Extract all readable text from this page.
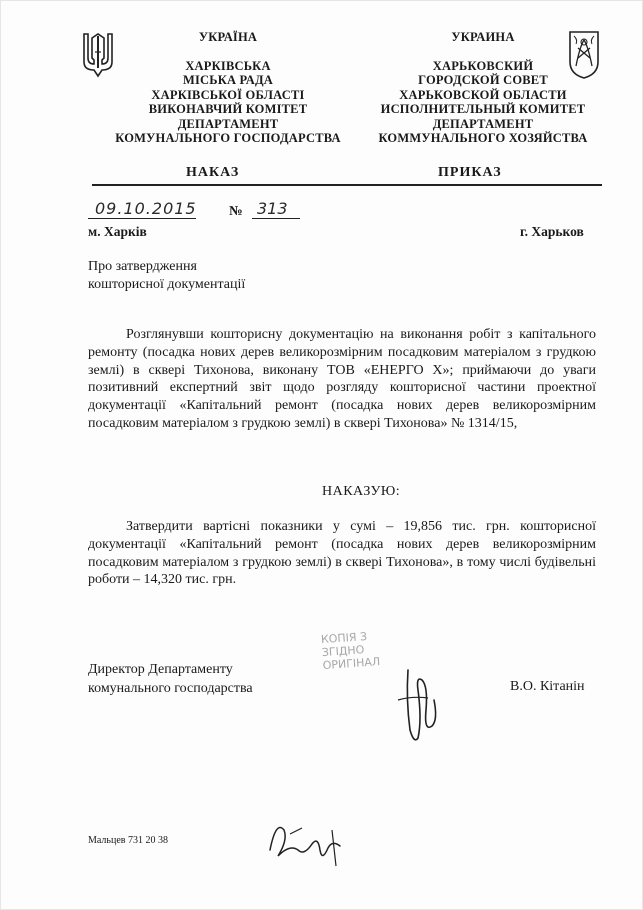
УКРАЇНА
ХАРКІВСЬКА
МІСЬКА РАДА
ХАРКІВСЬКОЇ ОБЛАСТІ
ВИКОНАВЧИЙ КОМІТЕТ
ДЕПАРТАМЕНТ
КОМУНАЛЬНОГО ГОСПОДАРСТВА
УКРАИНА
ХАРЬКОВСКИЙ
ГОРОДСКОЙ СОВЕТ
ХАРЬКОВСКОЙ ОБЛАСТИ
ИСПОЛНИТЕЛЬНЫЙ КОМИТЕТ
ДЕПАРТАМЕНТ
КОММУНАЛЬНОГО ХОЗЯЙСТВА
НАКАЗ	ПРИКАЗ
09.10.2015 № 313
м. Харків	г. Харьков
Про затвердження
кошторисної документації
Розглянувши кошторисну документацію на виконання робіт з капітального ремонту (посадка нових дерев великорозмірним посадковим матеріалом з грудкою землі) в сквері Тихонова, виконану ТОВ «ЕНЕРГО Х»; приймаючи до уваги позитивний експертний звіт щодо розгляду кошторисної частини проектної документації «Капітальний ремонт (посадка нових дерев великорозмірним посадковим матеріалом з грудкою землі) в сквері Тихонова» № 1314/15,
НАКАЗУЮ:
Затвердити вартісні показники у сумі – 19,856 тис. грн. кошторисної документації «Капітальний ремонт (посадка нових дерев великорозмірним посадковим матеріалом з грудкою землі) в сквері Тихонова», в тому числі будівельні роботи – 14,320 тис. грн.
Директор Департаменту
комунального господарства
КОПІЯ З
ЗГІДНО
ОРИГІНАЛ
В.О. Кітанін
Мальцев 731 20 38
